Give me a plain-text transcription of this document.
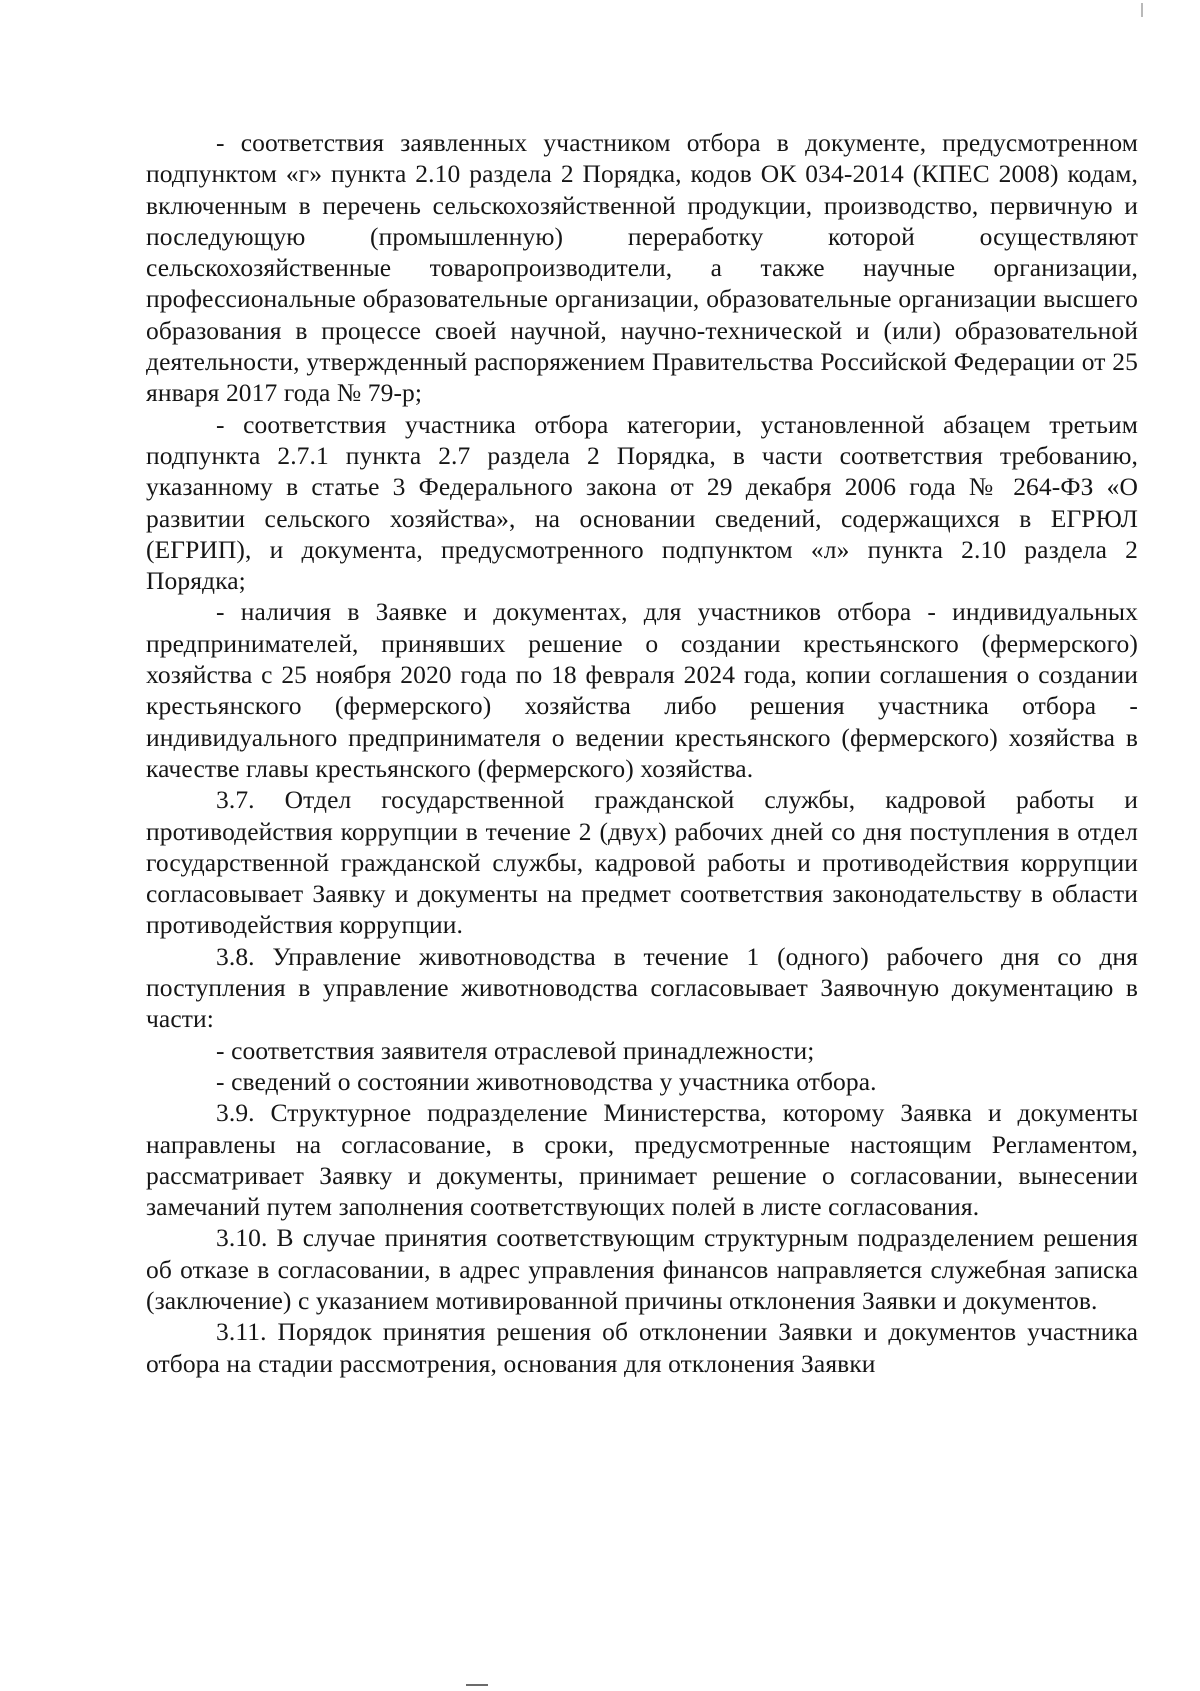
- соответствия заявленных участником отбора в документе, предусмотренном подпунктом «г» пункта 2.10 раздела 2 Порядка, кодов ОК 034-2014 (КПЕС 2008) кодам, включенным в перечень сельскохозяйственной продукции, производство, первичную и последующую (промышленную) переработку которой осуществляют сельскохозяйственные товаропроизводители, а также научные организации, профессиональные образовательные организации, образовательные организации высшего образования в процессе своей научной, научно-технической и (или) образовательной деятельности, утвержденный распоряжением Правительства Российской Федерации от 25 января 2017 года № 79-р;

- соответствия участника отбора категории, установленной абзацем третьим подпункта 2.7.1 пункта 2.7 раздела 2 Порядка, в части соответствия требованию, указанному в статье 3 Федерального закона от 29 декабря 2006 года № 264-ФЗ «О развитии сельского хозяйства», на основании сведений, содержащихся в ЕГРЮЛ (ЕГРИП), и документа, предусмотренного подпунктом «л» пункта 2.10 раздела 2 Порядка;

- наличия в Заявке и документах, для участников отбора - индивидуальных предпринимателей, принявших решение о создании крестьянского (фермерского) хозяйства с 25 ноября 2020 года по 18 февраля 2024 года, копии соглашения о создании крестьянского (фермерского) хозяйства либо решения участника отбора - индивидуального предпринимателя о ведении крестьянского (фермерского) хозяйства в качестве главы крестьянского (фермерского) хозяйства.

3.7. Отдел государственной гражданской службы, кадровой работы и противодействия коррупции в течение 2 (двух) рабочих дней со дня поступления в отдел государственной гражданской службы, кадровой работы и противодействия коррупции согласовывает Заявку и документы на предмет соответствия законодательству в области противодействия коррупции.

3.8. Управление животноводства в течение 1 (одного) рабочего дня со дня поступления в управление животноводства согласовывает Заявочную документацию в части:

- соответствия заявителя отраслевой принадлежности;

- сведений о состоянии животноводства у участника отбора.

3.9. Структурное подразделение Министерства, которому Заявка и документы направлены на согласование, в сроки, предусмотренные настоящим Регламентом, рассматривает Заявку и документы, принимает решение о согласовании, вынесении замечаний путем заполнения соответствующих полей в листе согласования.

3.10. В случае принятия соответствующим структурным подразделением решения об отказе в согласовании, в адрес управления финансов направляется служебная записка (заключение) с указанием мотивированной причины отклонения Заявки и документов.

3.11. Порядок принятия решения об отклонении Заявки и документов участника отбора на стадии рассмотрения, основания для отклонения Заявки
